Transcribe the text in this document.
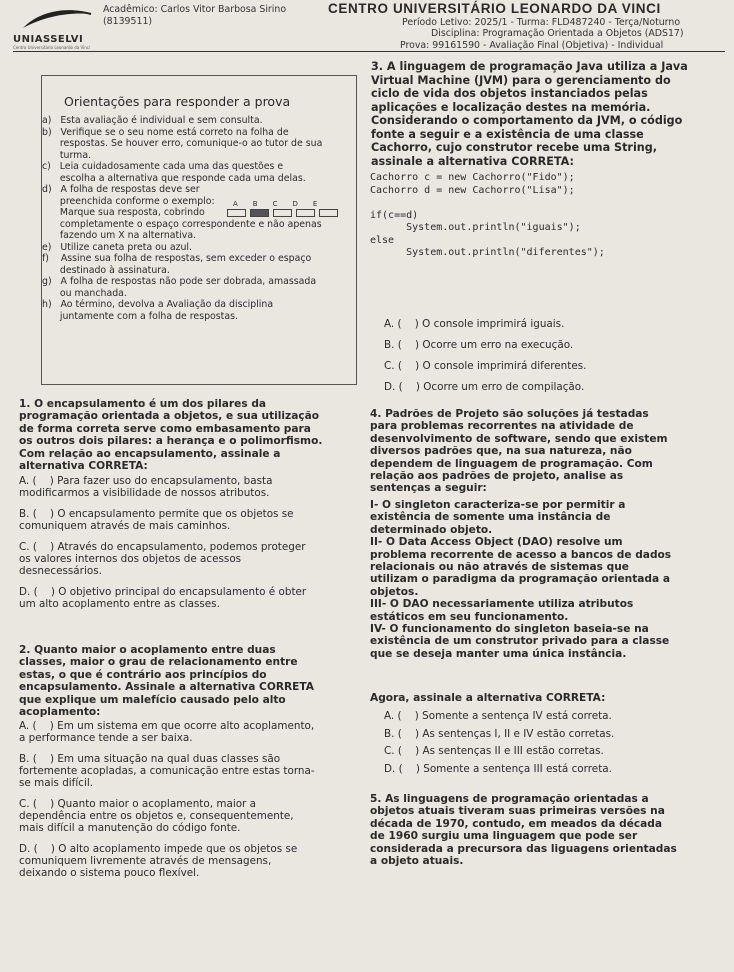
UNIASSELVI
Centro Universitário Leonardo da Vinci
Acadêmico: Carlos Vitor Barbosa Sirino
(8139511)
CENTRO UNIVERSITÁRIO LEONARDO DA VINCI
Período Letivo: 2025/1 - Turma: FLD487240 - Terça/Noturno
Disciplina: Programação Orientada a Objetos (ADS17)
Prova: 99161590 - Avaliação Final (Objetiva) - Individual
Orientações para responder a prova
a)   Esta avaliação é individual e sem consulta.
b)   Verifique se o seu nome está correto na folha de
respostas. Se houver erro, comunique-o ao tutor de sua
turma.
c)   Leia cuidadosamente cada uma das questões e
escolha a alternativa que responde cada uma delas.
d)   A folha de respostas deve ser
preenchida conforme o exemplo:
Marque sua resposta, cobrindo
completamente o espaço correspondente e não apenas
fazendo um X na alternativa.
e)   Utilize caneta preta ou azul.
f)    Assine sua folha de respostas, sem exceder o espaço
destinado à assinatura.
g)   A folha de respostas não pode ser dobrada, amassada
ou manchada.
h)   Ao término, devolva a Avaliação da disciplina
juntamente com a folha de respostas.
A B C D E
3. A linguagem de programação Java utiliza a Java
Virtual Machine (JVM) para o gerenciamento do
ciclo de vida dos objetos instanciados pelas
aplicações e localização destes na memória.
Considerando o comportamento da JVM, o código
fonte a seguir e a existência de uma classe
Cachorro, cujo construtor recebe uma String,
assinale a alternativa CORRETA:
Cachorro c = new Cachorro("Fido");
Cachorro d = new Cachorro("Lisa");

if(c==d)
System.out.println("iguais");
else
System.out.println("diferentes");
A. (    ) O console imprimirá iguais.
B. (    ) Ocorre um erro na execução.
C. (    ) O console imprimirá diferentes.
D. (    ) Ocorre um erro de compilação.
1. O encapsulamento é um dos pilares da
programação orientada a objetos, e sua utilização
de forma correta serve como embasamento para
os outros dois pilares: a herança e o polimorfismo.
Com relação ao encapsulamento, assinale a
alternativa CORRETA:
A. (    ) Para fazer uso do encapsulamento, basta
modificarmos a visibilidade de nossos atributos.
B. (    ) O encapsulamento permite que os objetos se
comuniquem através de mais caminhos.
C. (    ) Através do encapsulamento, podemos proteger
os valores internos dos objetos de acessos
desnecessários.
D. (    ) O objetivo principal do encapsulamento é obter
um alto acoplamento entre as classes.
2. Quanto maior o acoplamento entre duas
classes, maior o grau de relacionamento entre
estas, o que é contrário aos princípios do
encapsulamento. Assinale a alternativa CORRETA
que explique um malefício causado pelo alto
acoplamento:
A. (    ) Em um sistema em que ocorre alto acoplamento,
a performance tende a ser baixa.
B. (    ) Em uma situação na qual duas classes são
fortemente acopladas, a comunicação entre estas torna-
se mais difícil.
C. (    ) Quanto maior o acoplamento, maior a
dependência entre os objetos e, consequentemente,
mais difícil a manutenção do código fonte.
D. (    ) O alto acoplamento impede que os objetos se
comuniquem livremente através de mensagens,
deixando o sistema pouco flexível.
4. Padrões de Projeto são soluções já testadas
para problemas recorrentes na atividade de
desenvolvimento de software, sendo que existem
diversos padrões que, na sua natureza, não
dependem de linguagem de programação. Com
relação aos padrões de projeto, analise as
sentenças a seguir:
I- O singleton caracteriza-se por permitir a
existência de somente uma instância de
determinado objeto.
II- O Data Access Object (DAO) resolve um
problema recorrente de acesso a bancos de dados
relacionais ou não através de sistemas que
utilizam o paradigma da programação orientada a
objetos.
III- O DAO necessariamente utiliza atributos
estáticos em seu funcionamento.
IV- O funcionamento do singleton baseia-se na
existência de um construtor privado para a classe
que se deseja manter uma única instância.
Agora, assinale a alternativa CORRETA:
A. (    ) Somente a sentença IV está correta.
B. (    ) As sentenças I, II e IV estão corretas.
C. (    ) As sentenças II e III estão corretas.
D. (    ) Somente a sentença III está correta.
5. As linguagens de programação orientadas a
objetos atuais tiveram suas primeiras versões na
década de 1970, contudo, em meados da década
de 1960 surgiu uma linguagem que pode ser
considerada a precursora das liguagens orientadas
a objeto atuais.
